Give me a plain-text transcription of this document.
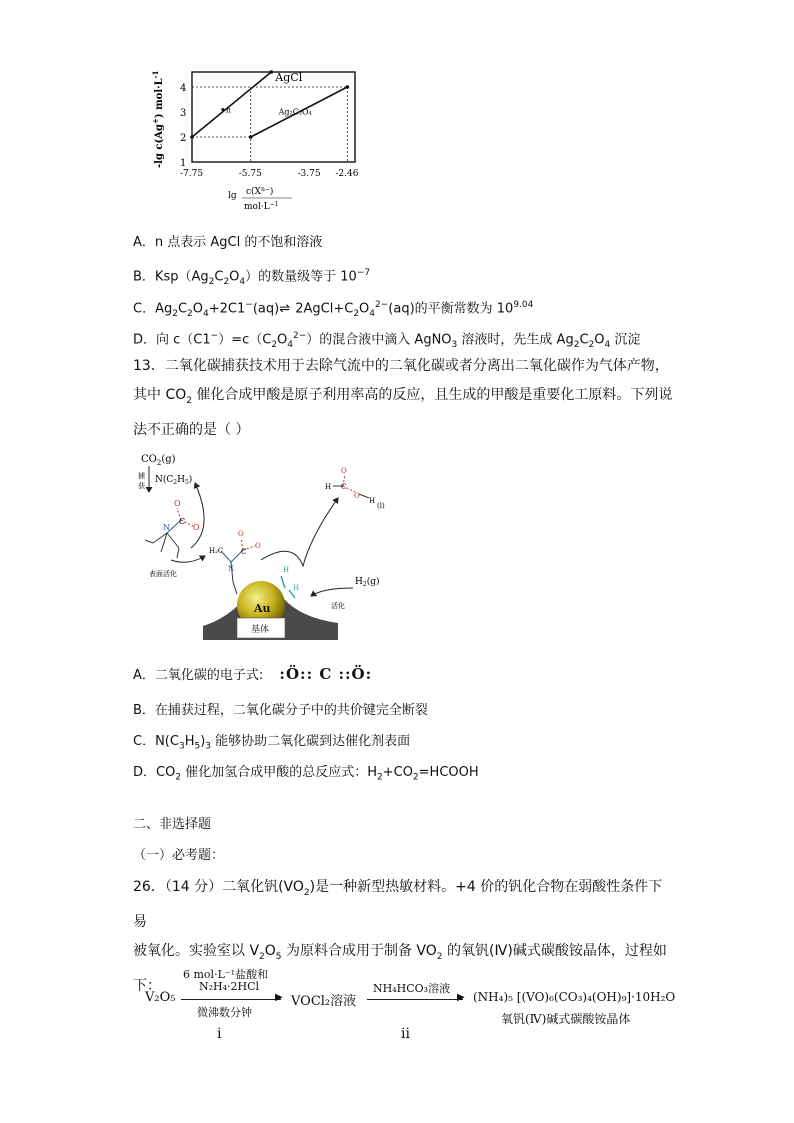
AgCl
Ag₂C₂O₄
n
1
2
3
4
-7.75	-5.75	-3.75 -2.46
-lg c(Ag+) $mol\cdot L^{-1}$
$\lg c(X^{n-})$
$mol\cdot L^{-1}$
A．n 点表示 AgCl 的不饱和溶液
B．$Ksp(Ag_2C_2O_4)$的数量级等于 $10^{-7}$
C．$Ag_2C_2O_4+2C1^-(aq)\rightleftharpoons$ $2AgCl+C_2O_4^{2-}(aq)$的平衡常数为 $10^{9.04}$
D．向 $c(C1^-)=c(C_2O_4^{2-})$的混合液中滴入 AgNO$_3$ 溶液时，先生成 $Ag_2C_2O_4$ 沉淀
13．二氧化碳捕获技术用于去除气流中的二氧化碳或者分离出二氧化碳作为气体产物，
其中 $CO_2$ 催化合成甲酸是原子利用率高的反应，且生成的甲酸是重要化工原料。下列说
法不正确的是（ ）
Au
基体
$CO_2(g)$
捕
获
$N(C_2H_5)$
捕获
N
C
O
O
表面活化
H₂C
N
C
O
O
H C
O
O
H
(l)
$H_2(g)$
活化
H
H
A．二氧化碳的电子式: :Ö:: C ::Ö:
B．在捕获过程，二氧化碳分子中的共价键完全断裂
C．$N(C_3H_5)_3$ 能够协助二氧化碳到达催化剂表面
D．$CO_2$ 催化加氢合成甲酸的总反应式：$H_2+CO_2=HCOOH$
二、非选择题
（一）必考题：
26．（14 分）二氧化钒$(VO_2)$是一种新型热敏材料。+4 价的钒化合物在弱酸性条件下易
被氧化。实验室以 $V_2O_5$ 为原料合成用于制备 $VO_2$ 的氧钒(Ⅳ)碱式碳酸铵晶体，过程如
下：
V₂O₅
6 mol·L⁻¹盐酸和
N₂H₄·2HCl
▶
微沸数分钟
i
VOCl₂溶液
NH₄HCO₃溶液
▶
ii
(NH₄)₅ [(VO)₆(CO₃)₄(OH)₉]·10H₂O
氧钒(Ⅳ)碱式碳酸铵晶体
